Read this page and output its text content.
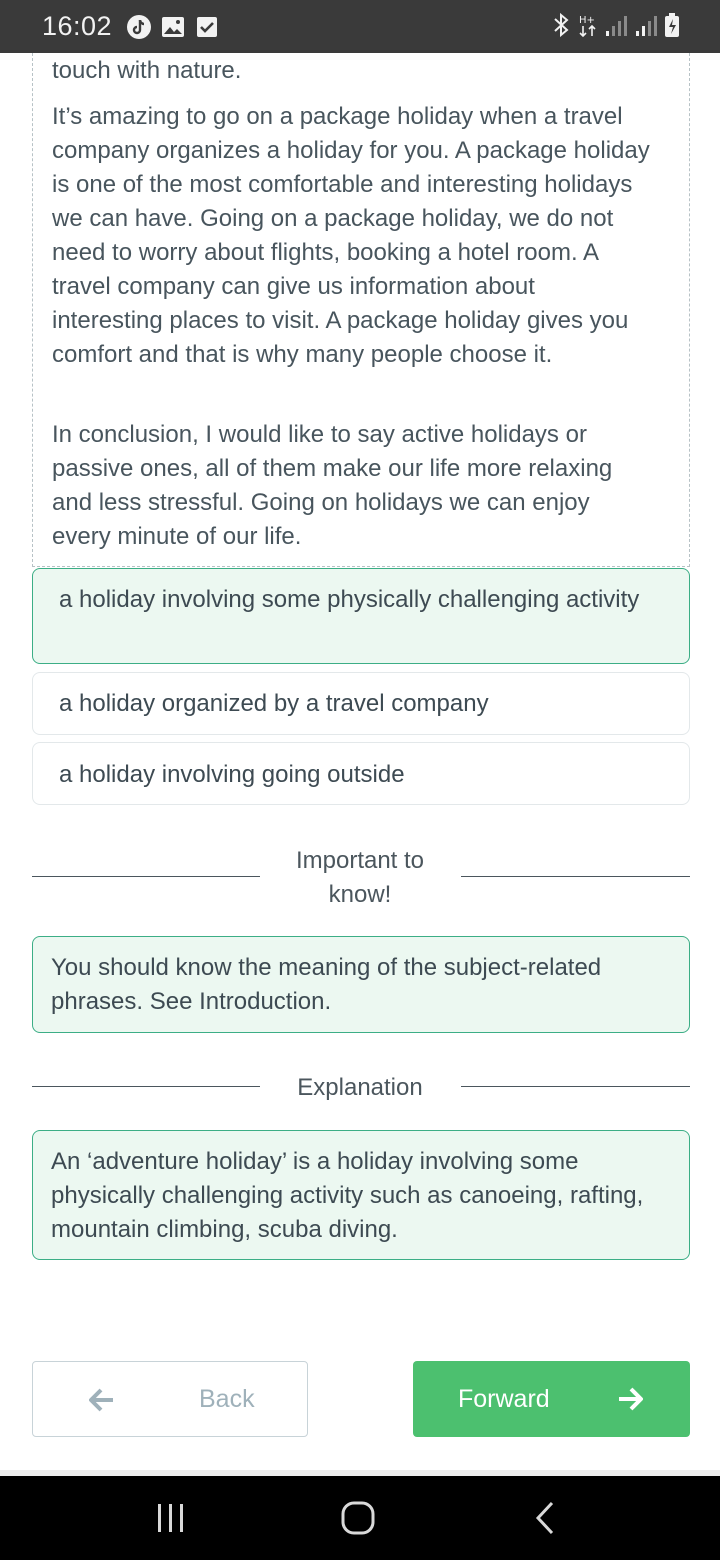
16:02	H+

touch with nature.

It’s amazing to go on a package holiday when a travel company organizes a holiday for you. A package holiday is one of the most comfortable and interesting holidays we can have. Going on a package holiday, we do not need to worry about flights, booking a hotel room. A travel company can give us information about interesting places to visit. A package holiday gives you comfort and that is why many people choose it.

In conclusion, I would like to say active holidays or passive ones, all of them make our life more relaxing and less stressful. Going on holidays we can enjoy every minute of our life.

a holiday involving some physically challenging activity
a holiday organized by a travel company
a holiday involving going outside
Important to know!
You should know the meaning of the subject-related phrases. See Introduction.
Explanation
An ‘adventure holiday’ is a holiday involving some physically challenging activity such as canoeing, rafting, mountain climbing, scuba diving.
Back	Forward
